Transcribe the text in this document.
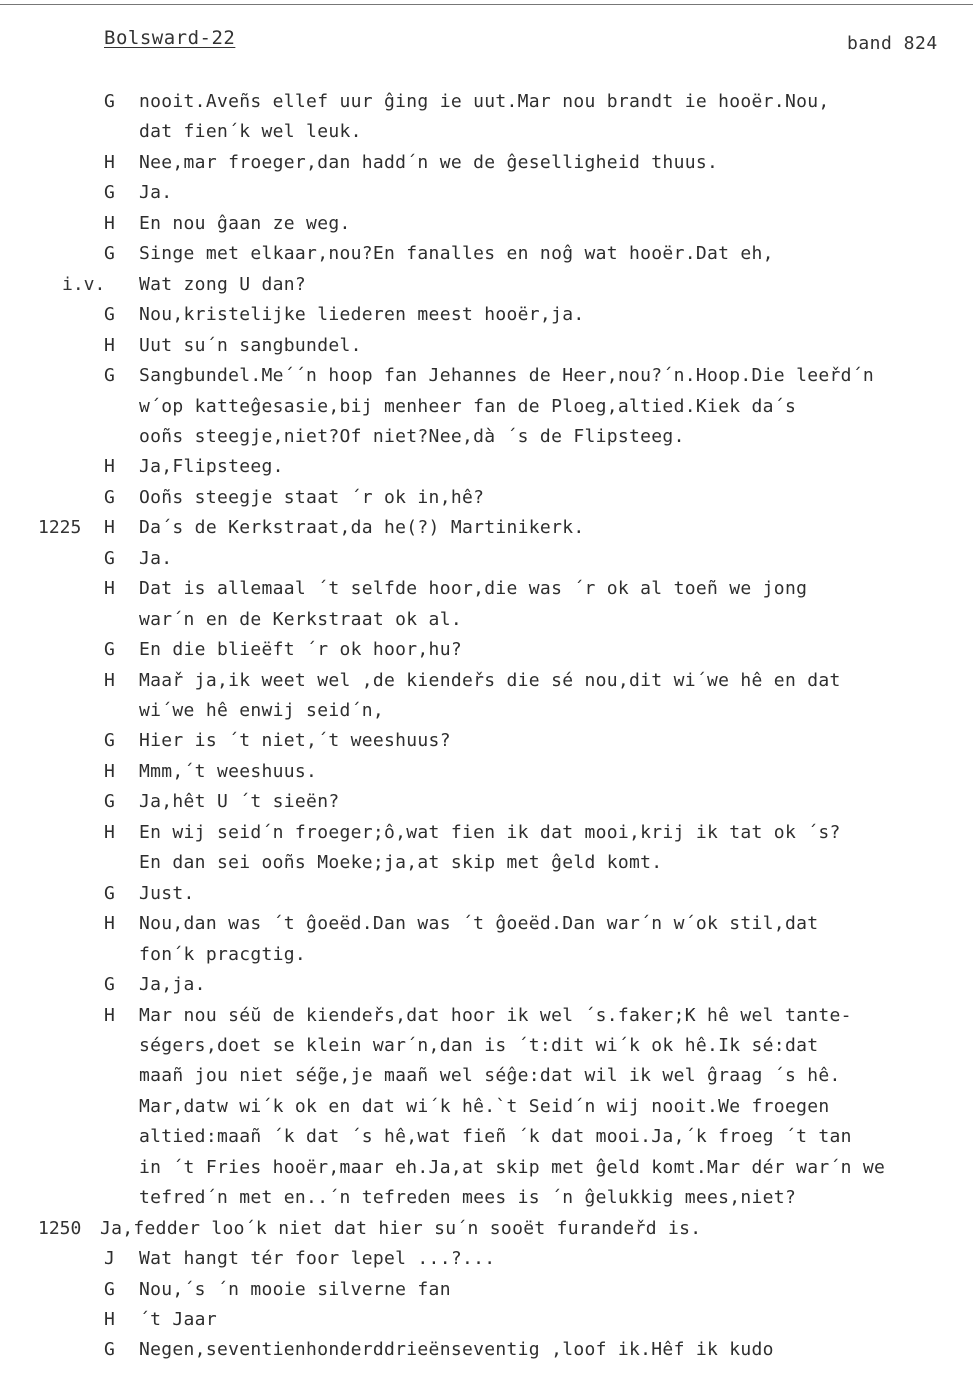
Bolsward-22	band 824
G nooit.Aveñs ellef uur ĝing ie uut.Mar nou brandt ie hooër.Nou,
dat fien´k wel leuk.
H Nee,mar froeger,dan hadd´n we de ĝeselligheid thuus.
G Ja.
H En nou ĝaan ze weg.
G Singe met elkaar,nou?En fanalles en noĝ wat hooër.Dat eh,
i.v. Wat zong U dan?
G Nou,kristelijke liederen meest hooër,ja.
H Uut su´n sangbundel.
G Sangbundel.Me´´n hoop fan Jehannes de Heer,nou?´n.Hoop.Die leeřd´n
w´op katteĝesasie,bij menheer fan de Ploeg,altied.Kiek da´s
ooñs steegje,niet?Of niet?Nee,dà ´s de Flipsteeg.
H Ja,Flipsteeg.
G Ooñs steegje staat ´r ok in,hê?
1225 H Da´s de Kerkstraat,da he(?) Martinikerk.
G Ja.
H Dat is allemaal ´t selfde hoor,die was ´r ok al toeñ we jong
war´n en de Kerkstraat ok al.
G En die blieëft ´r ok hoor,hu?
H Maař ja,ik weet wel ,de kiendeřs die sé nou,dit wi´we hê en dat
wi´we hê enwij seid´n,
G Hier is ´t niet,´t weeshuus?
H Mmm,´t weeshuus.
G Ja,hêt U ´t sieën?
H En wij seid´n froeger;ô,wat fien ik dat mooi,krij ik tat ok ´s?
En dan sei ooñs Moeke;ja,at skip met ĝeld komt.
G Just.
H Nou,dan was ´t ĝoeëd.Dan was ´t ĝoeëd.Dan war´n w´ok stil,dat
fon´k pracgtig.
G Ja,ja.
H Mar nou séŭ de kiendeřs,dat hoor ik wel ´s.faker;K hê wel tante-
ségers,doet se klein war´n,dan is ´t:dit wi´k ok hê.Ik sé:dat
maañ jou niet ség̃e,je maañ wel séĝe:dat wil ik wel ĝraag ´s hê.
Mar,datw wi´k ok en dat wi´k hê.`t Seid´n wij nooit.We froegen
altied:maañ ´k dat ´s hê,wat fieñ ´k dat mooi.Ja,´k froeg ´t tan
in ´t Fries hooër,maar eh.Ja,at skip met ĝeld komt.Mar dér war´n we
tefred´n met en..´n tefreden mees is ´n ĝelukkig mees,niet?
1250 Ja,fedder loo´k niet dat hier su´n sooët furandeřd is.
J Wat hangt tér foor lepel ...?...
G Nou,´s ´n mooie silverne fan
H ´t Jaar
G Negen,seventienhonderddrieënseventig ,loof ik.Hêf ik kudo
